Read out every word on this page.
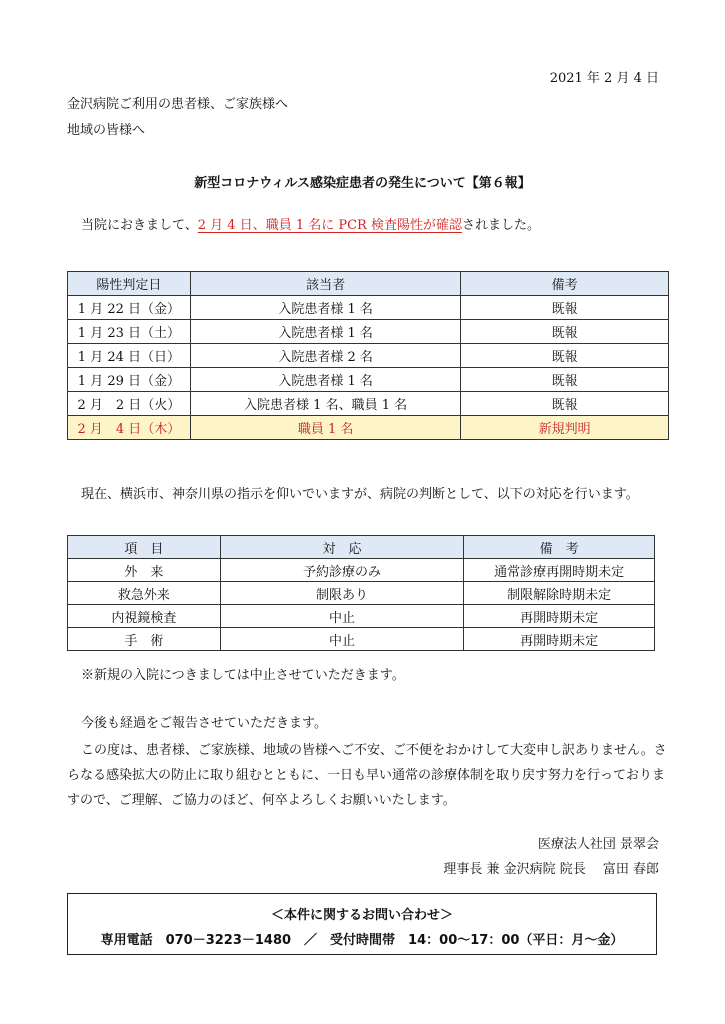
2021 年 2 月 4 日
金沢病院ご利用の患者様、ご家族様へ
地域の皆様へ
新型コロナウィルス感染症患者の発生について【第６報】
当院におきまして、2 月 4 日、職員 1 名に PCR 検査陽性が確認されました。
陽性判定日	該当者	備考
1 月 22 日（金）	入院患者様 1 名	既報
1 月 23 日（土）	入院患者様 1 名	既報
1 月 24 日（日）	入院患者様 2 名	既報
1 月 29 日（金）	入院患者様 1 名	既報
2 月　2 日（火）	入院患者様 1 名、職員 1 名	既報
2 月　4 日（木）	職員 1 名	新規判明
現在、横浜市、神奈川県の指示を仰いでいますが、病院の判断として、以下の対応を行います。
項　目	対　応	備　考
外　来	予約診療のみ	通常診療再開時期未定
救急外来	制限あり	制限解除時期未定
内視鏡検査	中止	再開時期未定
手　術	中止	再開時期未定
※新規の入院につきましては中止させていただきます。
今後も経過をご報告させていただきます。
この度は、患者様、ご家族様、地域の皆様へご不安、ご不便をおかけして大変申し訳ありません。さらなる感染拡大の防止に取り組むとともに、一日も早い通常の診療体制を取り戻す努力を行っておりますので、ご理解、ご協力のほど、何卒よろしくお願いいたします。
医療法人社団 景翠会
理事長 兼 金沢病院 院長　 富田 春郎
＜本件に関するお問い合わせ＞
専用電話　070－3223－1480　／　受付時間帯　14：00～17：00（平日：月～金）
